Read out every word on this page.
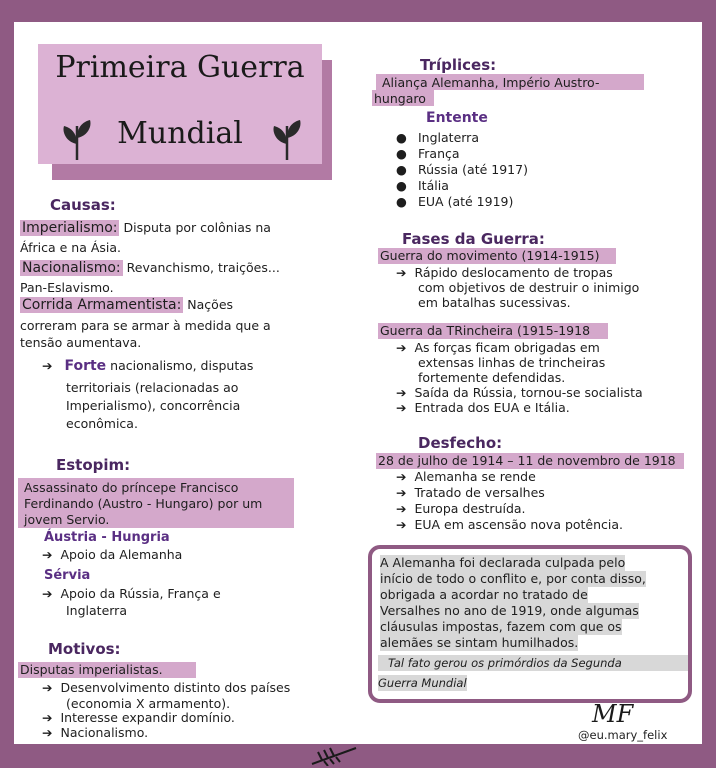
Primeira Guerra
Mundial
Causas:
Imperialismo: Disputa por colônias na
África e na Ásia.
Nacionalismo: Revanchismo, traições...
Pan-Eslavismo.
Corrida Armamentista: Nações
correram para se armar à medida que a
tensão aumentava.
➔ Forte nacionalismo, disputas
territoriais (relacionadas ao
Imperialismo), concorrência
econômica.
Estopim:
Assassinato do príncepe Francisco
Ferdinando (Austro - Hungaro) por um
jovem Servio.
Áustria - Hungria
➔ Apoio da Alemanha
Sérvia
➔ Apoio da Rússia, França e
Inglaterra
Motivos:
Disputas imperialistas.
➔ Desenvolvimento distinto dos países
(economia X armamento).
➔ Interesse expandir domínio.
➔ Nacionalismo.
Tríplices:
Aliança Alemanha, Império Austro-
hungaro
Entente
● Inglaterra
● França
● Rússia (até 1917)
● Itália
● EUA (até 1919)
Fases da Guerra:
Guerra do movimento (1914-1915)
➔ Rápido deslocamento de tropas
com objetivos de destruir o inimigo
em batalhas sucessivas.
Guerra da TRincheira (1915-1918
➔ As forças ficam obrigadas em
extensas linhas de trincheiras
fortemente defendidas.
➔ Saída da Rússia, tornou-se socialista
➔ Entrada dos EUA e Itália.
Desfecho:
28 de julho de 1914 – 11 de novembro de 1918
➔ Alemanha se rende
➔ Tratado de versalhes
➔ Europa destruída.
➔ EUA em ascensão nova potência.
A Alemanha foi declarada culpada pelo
início de todo o conflito e, por conta disso,
obrigada a acordar no tratado de
Versalhes no ano de 1919, onde algumas
cláusulas impostas, fazem com que os
alemães se sintam humilhados.
Tal fato gerou os primórdios da Segunda
Guerra Mundial
MF
@eu.mary_felix
